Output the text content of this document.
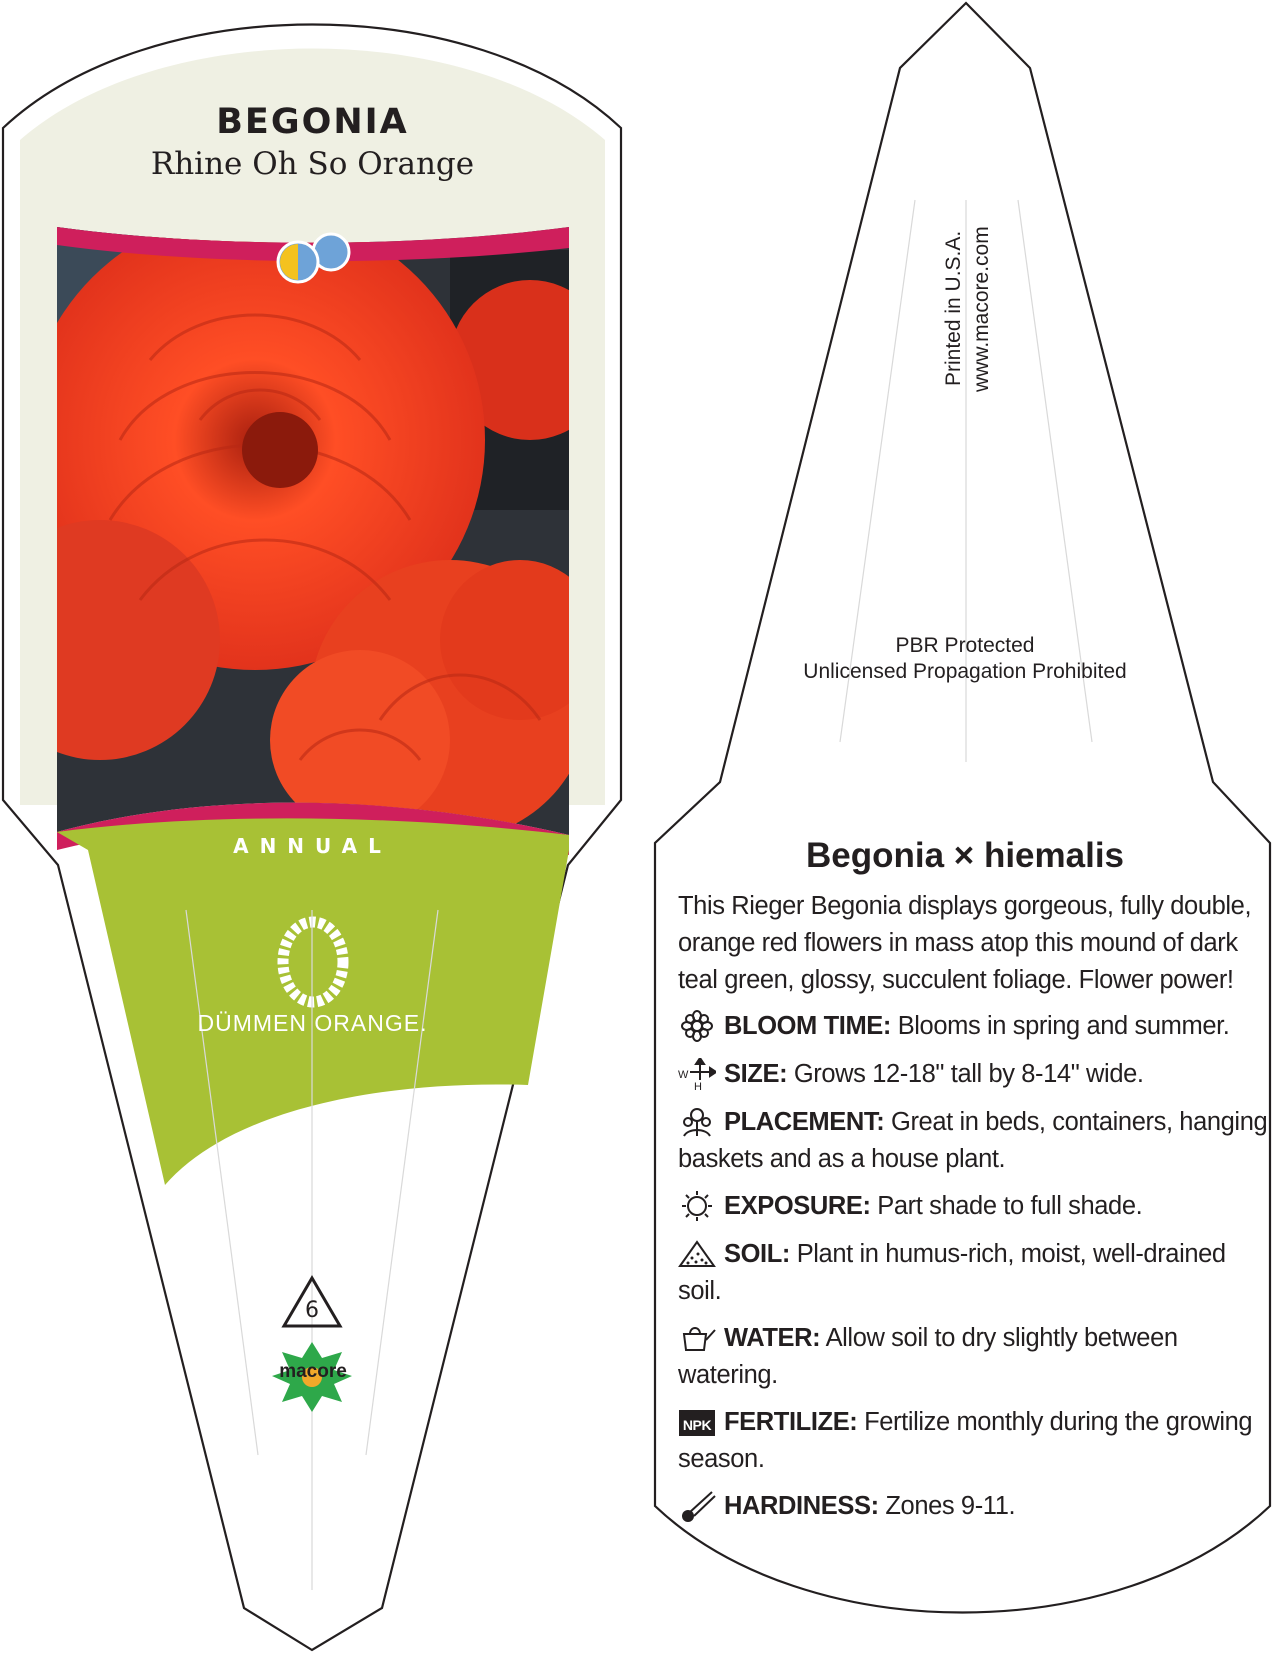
BEGONIA
Rhine Oh So Orange
ANNUAL
DÜMMEN ORANGE.
6
macore
Printed in U.S.A. www.macore.com
PBR Protected
Unlicensed Propagation Prohibited
Begonia × hiemalis
This Rieger Begonia displays gorgeous, fully double, orange red flowers in mass atop this mound of dark teal green, glossy, succulent foliage. Flower power!
BLOOM TIME: Blooms in spring and summer.
W
H SIZE: Grows 12-18" tall by 8-14" wide.
PLACEMENT: Great in beds, containers, hanging baskets and as a house plant.
EXPOSURE: Part shade to full shade.
SOIL: Plant in humus-rich, moist, well-drained soil.
WATER: Allow soil to dry slightly between watering.
NPK FERTILIZE: Fertilize monthly during the growing season.
HARDINESS: Zones 9-11.
